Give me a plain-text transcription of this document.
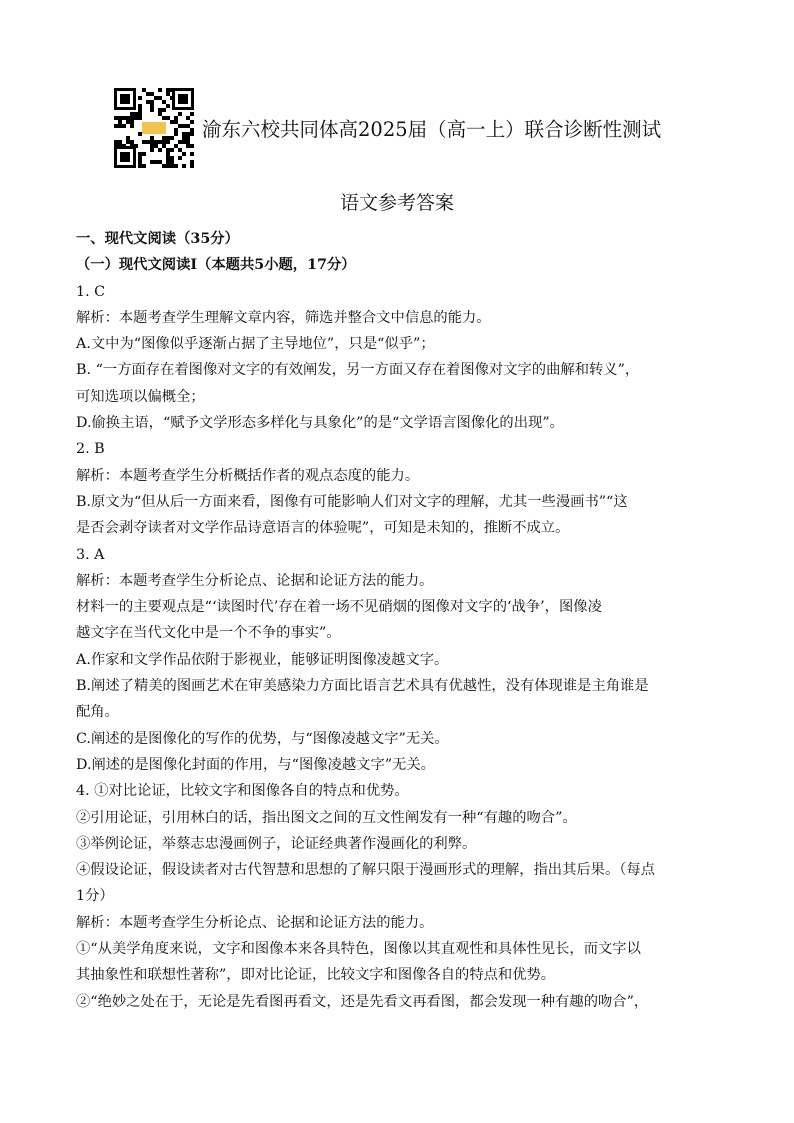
渝东六校共同体高2025届（高一上）联合诊断性测试
语文参考答案
一、现代文阅读（35分）
（一）现代文阅读Ⅰ（本题共5小题，17分）
1. C
解析：本题考查学生理解文章内容，筛选并整合文中信息的能力。
A.文中为“图像似乎逐渐占据了主导地位”，只是“似乎”；
B. “一方面存在着图像对文字的有效阐发，另一方面又存在着图像对文字的曲解和转义”，
可知选项以偏概全；
D.偷换主语，“赋予文学形态多样化与具象化”的是“文学语言图像化的出现”。
2. B
解析：本题考查学生分析概括作者的观点态度的能力。
B.原文为“但从后一方面来看，图像有可能影响人们对文字的理解，尤其一些漫画书”“这
是否会剥夺读者对文学作品诗意语言的体验呢”，可知是未知的，推断不成立。
3. A
解析：本题考查学生分析论点、论据和论证方法的能力。
材料一的主要观点是“‘读图时代’存在着一场不见硝烟的图像对文字的‘战争’，图像凌
越文字在当代文化中是一个不争的事实”。
A.作家和文学作品依附于影视业，能够证明图像凌越文字。
B.阐述了精美的图画艺术在审美感染力方面比语言艺术具有优越性，没有体现谁是主角谁是
配角。
C.阐述的是图像化的写作的优势，与“图像凌越文字”无关。
D.阐述的是图像化封面的作用，与“图像凌越文字”无关。
4. ①对比论证，比较文字和图像各自的特点和优势。
②引用论证，引用林白的话，指出图文之间的互文性阐发有一种“有趣的吻合”。
③举例论证，举蔡志忠漫画例子，论证经典著作漫画化的利弊。
④假设论证，假设读者对古代智慧和思想的了解只限于漫画形式的理解，指出其后果。（每点
1分）
解析：本题考查学生分析论点、论据和论证方法的能力。
①“从美学角度来说，文字和图像本来各具特色，图像以其直观性和具体性见长，而文字以
其抽象性和联想性著称”，即对比论证，比较文字和图像各自的特点和优势。
②“绝妙之处在于，无论是先看图再看文，还是先看文再看图，都会发现一种有趣的吻合”，
